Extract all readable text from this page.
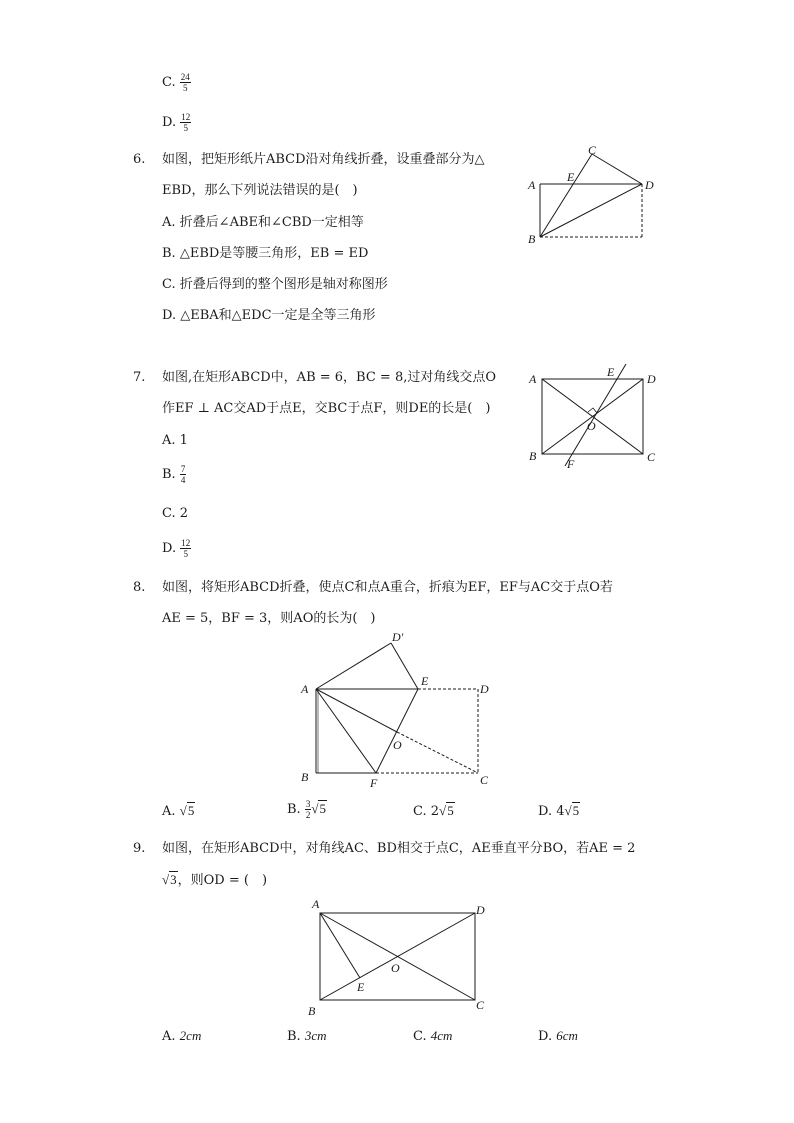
C. $\frac{24}{5}$
D. $\frac{12}{5}$
6. 如图，把矩形纸片ABCD沿对角线折叠，设重叠部分为△
EBD，那么下列说法错误的是(　)
A. 折叠后∠ABE和∠CBD一定相等
B. △EBD是等腰三角形，EB = ED
C. 折叠后得到的整个图形是轴对称图形
D. △EBA和△EDC一定是全等三角形
A
B
C
D
E
7. 如图,在矩形ABCD中，AB = 6，BC = 8,过对角线交点O
作EF ⊥ AC交AD于点E，交BC于点F，则DE的长是(　)
A. 1
B. $\frac{7}{4}$
C. 2
D. $\frac{12}{5}$
A	D
B	C
E
F
O
8. 如图，将矩形ABCD折叠，使点C和点A重合，折痕为EF，EF与AC交于点O若
AE = 5，BF = 3，则AO的长为(　)
A
B	C
D
D′
E
F
O
A. √5	B. $\frac{3}{2} √5$	C. 2√5	D. 4√5
9. 如图，在矩形ABCD中，对角线AC、BD相交于点C，AE垂直平分BO，若AE = 2
√3，则OD = (　)
A	D
B	C
E
O
A. 2cm	B. 3cm	C. 4cm	D. 6cm
